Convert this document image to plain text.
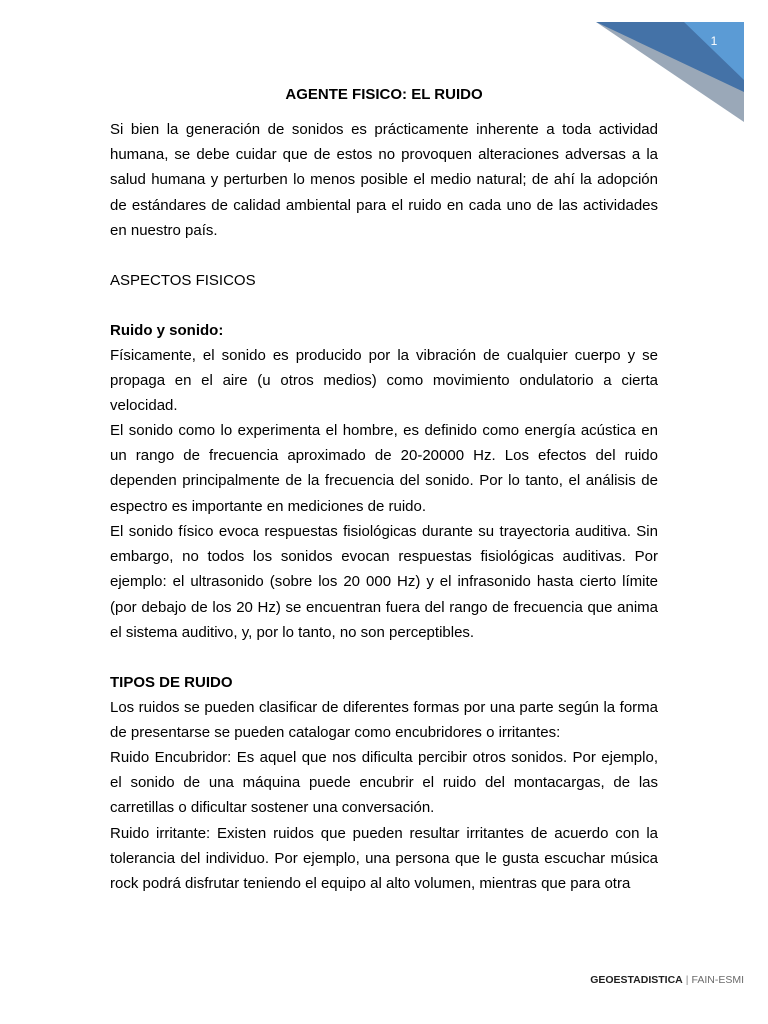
1
AGENTE FISICO: EL RUIDO
Si bien la generación de sonidos es prácticamente inherente a toda actividad humana, se debe cuidar que de estos no provoquen alteraciones adversas a la salud humana y perturben lo menos posible el medio natural; de ahí la adopción de estándares de calidad ambiental para el ruido en cada uno de las actividades en nuestro país.
ASPECTOS FISICOS
Ruido y sonido:
Físicamente, el sonido es producido por la vibración de cualquier cuerpo y se propaga en el aire (u otros medios) como movimiento ondulatorio a cierta velocidad.
El sonido como lo experimenta el hombre, es definido como energía acústica en un rango de frecuencia aproximado de 20-20000 Hz. Los efectos del ruido dependen principalmente de la frecuencia del sonido. Por lo tanto, el análisis de espectro es importante en mediciones de ruido.
El sonido físico evoca respuestas fisiológicas durante su trayectoria auditiva. Sin embargo, no todos los sonidos evocan respuestas fisiológicas auditivas. Por ejemplo: el ultrasonido (sobre los 20 000 Hz) y el infrasonido hasta cierto límite (por debajo de los 20 Hz) se encuentran fuera del rango de frecuencia que anima el sistema auditivo, y, por lo tanto, no son perceptibles.
TIPOS DE RUIDO
Los ruidos se pueden clasificar de diferentes formas por una parte según la forma de presentarse se pueden catalogar como encubridores o irritantes:
Ruido Encubridor: Es aquel que nos dificulta percibir otros sonidos. Por ejemplo, el sonido de una máquina puede encubrir el ruido del montacargas, de las carretillas o dificultar sostener una conversación.
Ruido irritante: Existen ruidos que pueden resultar irritantes de acuerdo con la tolerancia del individuo. Por ejemplo, una persona que le gusta escuchar música rock podrá disfrutar teniendo el equipo al alto volumen, mientras que para otra
GEOESTADISTICA | FAIN-ESMI
